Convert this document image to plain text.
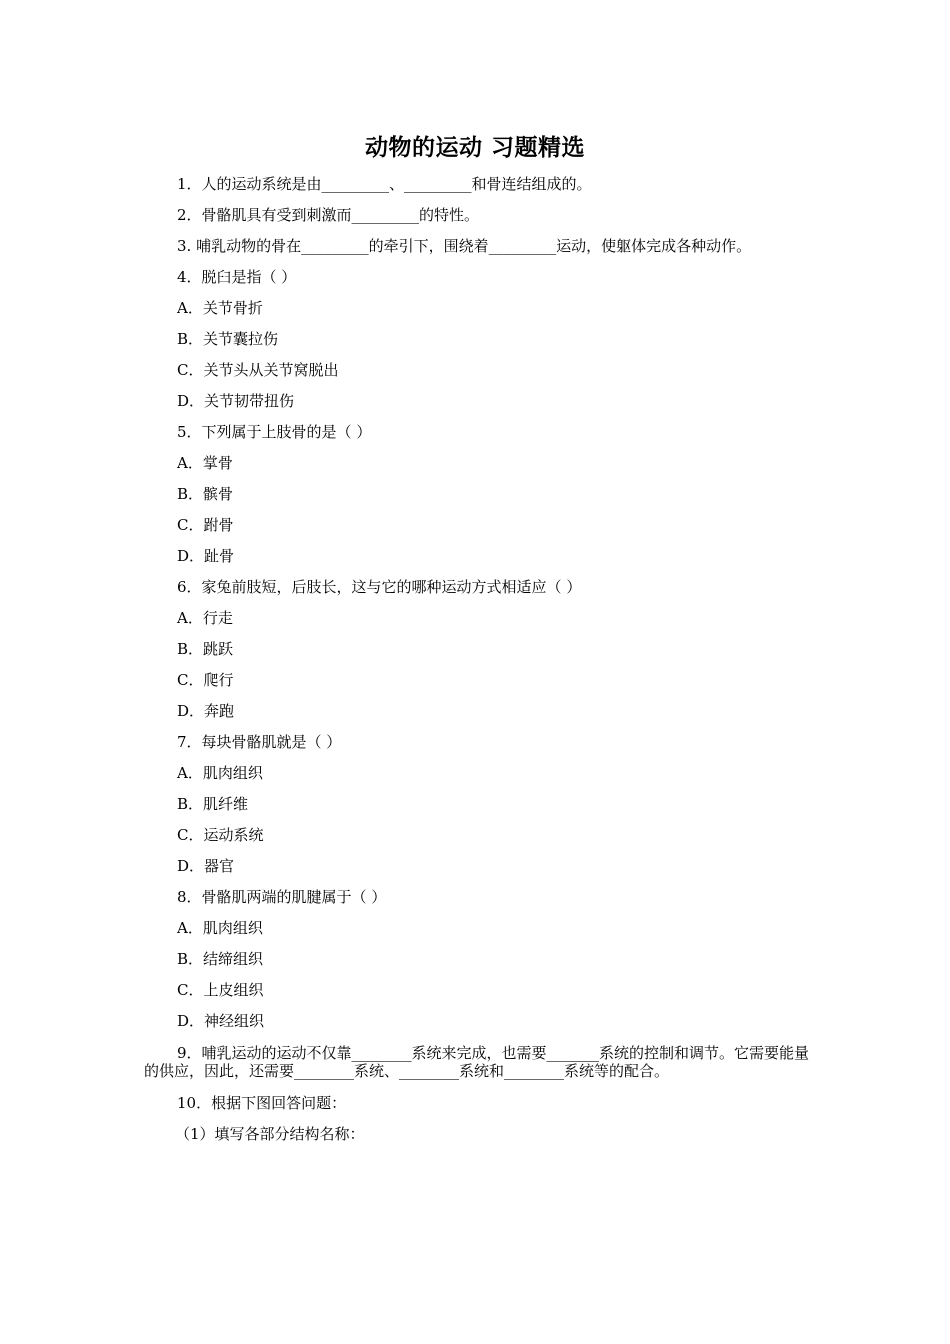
动物的运动 习题精选
1．人的运动系统是由_________、_________和骨连结组成的。
2．骨骼肌具有受到刺激而_________的特性。
3. 哺乳动物的骨在_________的牵引下，围绕着_________运动，使躯体完成各种动作。
4．脱臼是指（ ）
A．关节骨折
B．关节囊拉伤
C．关节头从关节窝脱出
D．关节韧带扭伤
5．下列属于上肢骨的是（ ）
A．掌骨
B．髌骨
C．跗骨
D．趾骨
6．家兔前肢短，后肢长，这与它的哪种运动方式相适应（ ）
A．行走
B．跳跃
C．爬行
D．奔跑
7．每块骨骼肌就是（ ）
A．肌肉组织
B．肌纤维
C．运动系统
D．器官
8．骨骼肌两端的肌腱属于（ ）
A．肌肉组织
B．结缔组织
C．上皮组织
D．神经组织
9．哺乳运动的运动不仅靠________系统来完成，也需要_______系统的控制和调节。它需要能量的供应，因此，还需要________系统、________系统和________系统等的配合。
10．根据下图回答问题：
（1）填写各部分结构名称：
